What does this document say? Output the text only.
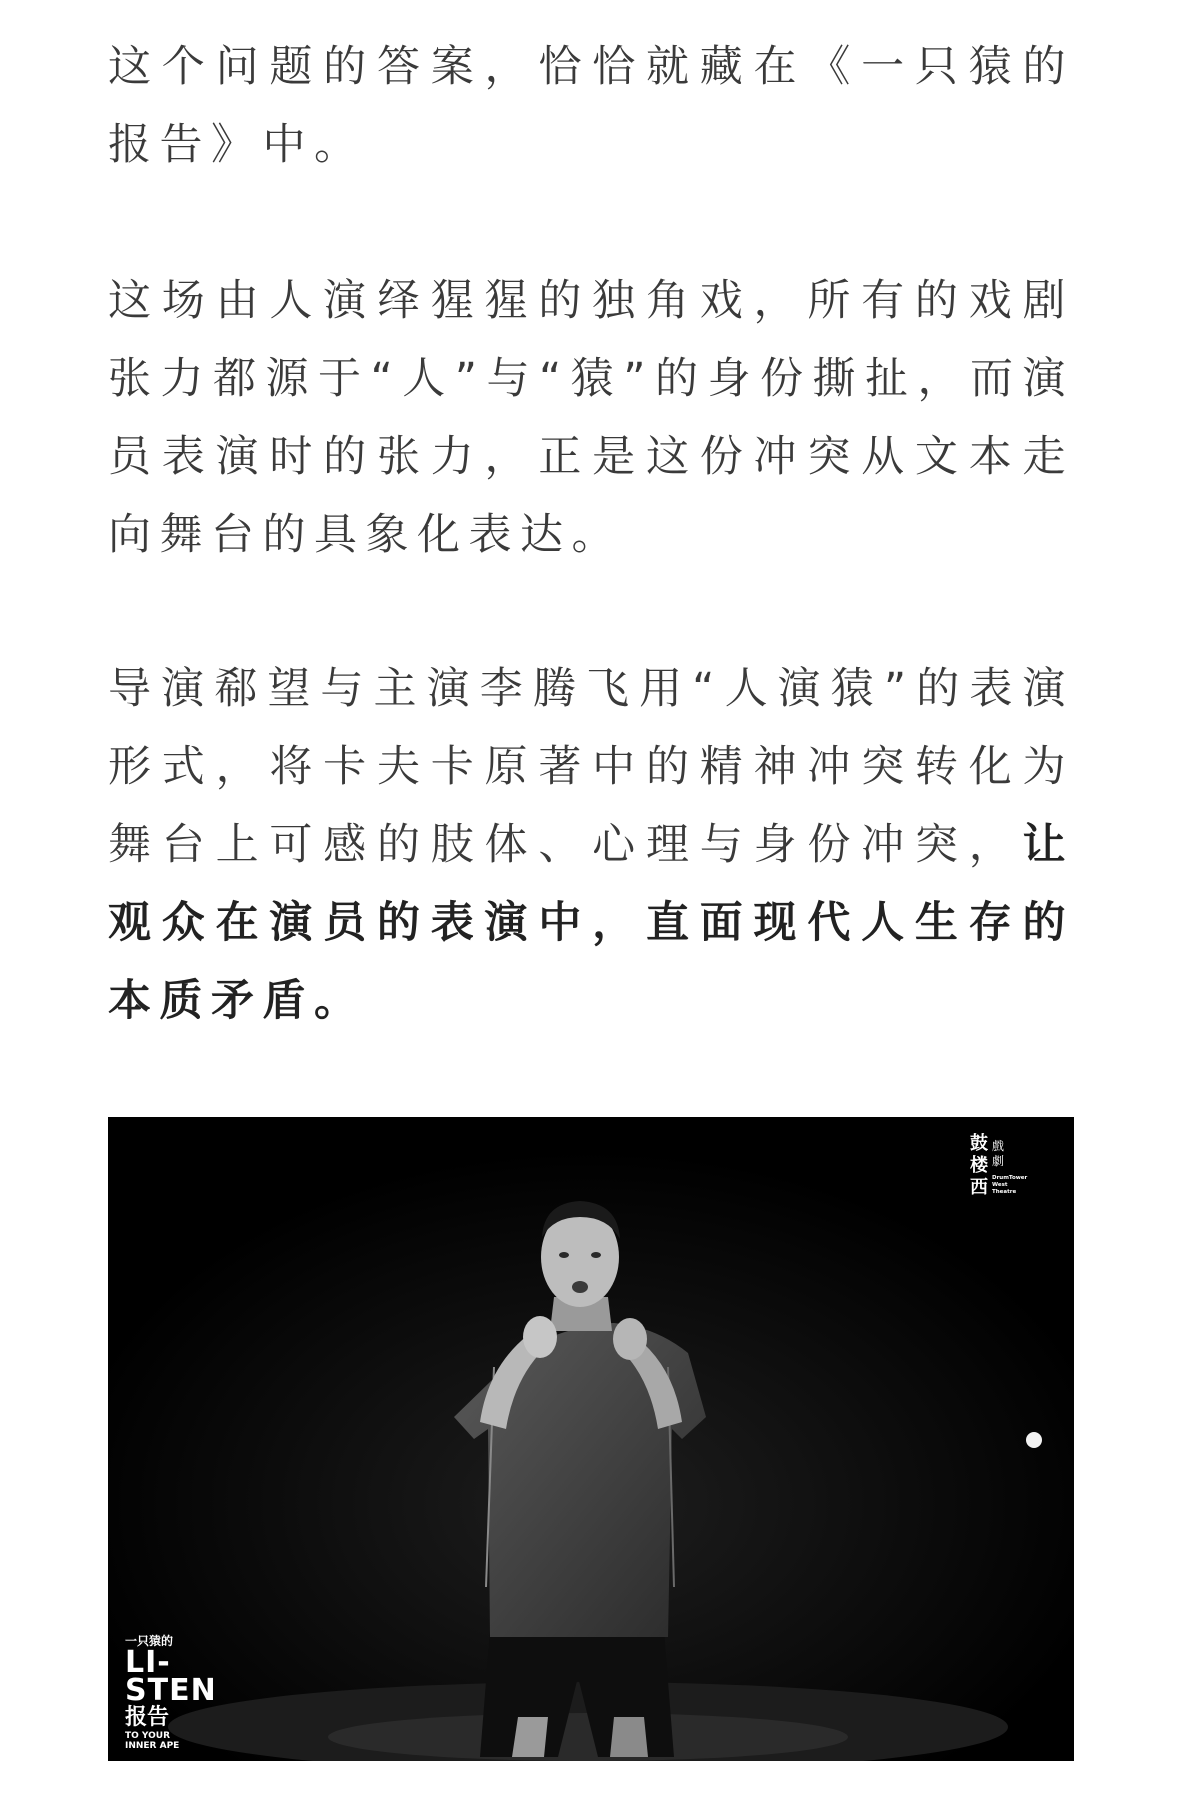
这个问题的答案，恰恰就藏在《一只猿的报告》中。

这场由人演绎猩猩的独角戏，所有的戏剧张力都源于“人”与“猿”的身份撕扯，而演员表演时的张力，正是这份冲突从文本走向舞台的具象化表达。

导演郗望与主演李腾飞用“人演猿”的表演形式，将卡夫卡原著中的精神冲突转化为舞台上可感的肢体、心理与身份冲突，让观众在演员的表演中，直面现代人生存的本质矛盾。

鼓楼西
戲劇
DrumTower West Theatre
一只猿的
LI-
STEN
报告
TO YOUR
INNER APE
